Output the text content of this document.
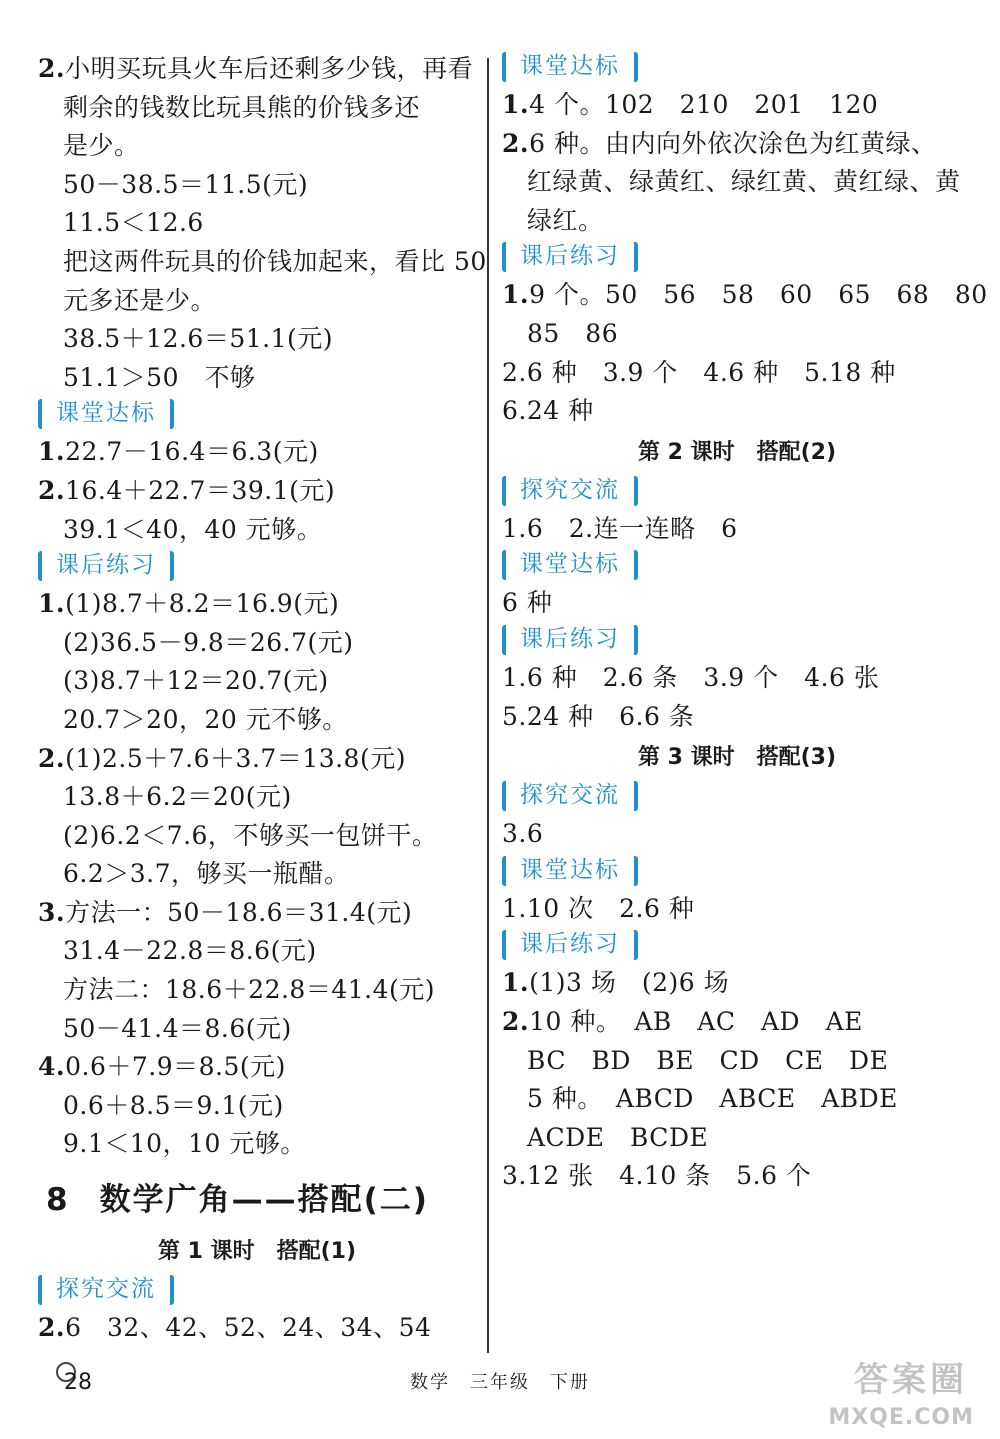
2.小明买玩具火车后还剩多少钱，再看
剩余的钱数比玩具熊的价钱多还
是少。
50－38.5＝11.5(元)
11.5＜12.6
把这两件玩具的价钱加起来，看比 50
元多还是少。
38.5＋12.6＝51.1(元)
51.1＞50　不够
课堂达标
1.22.7－16.4＝6.3(元)
2.16.4＋22.7＝39.1(元)
39.1＜40，40 元够。
课后练习
1.(1)8.7＋8.2＝16.9(元)
(2)36.5－9.8＝26.7(元)
(3)8.7＋12＝20.7(元)
20.7＞20，20 元不够。
2.(1)2.5＋7.6＋3.7＝13.8(元)
13.8＋6.2＝20(元)
(2)6.2＜7.6，不够买一包饼干。
6.2＞3.7，够买一瓶醋。
3.方法一：50－18.6＝31.4(元)
31.4－22.8＝8.6(元)
方法二：18.6＋22.8＝41.4(元)
50－41.4＝8.6(元)
4.0.6＋7.9＝8.5(元)
0.6＋8.5＝9.1(元)
9.1＜10，10 元够。
8 数学广角——搭配(二)
第 1 课时　搭配(1)
探究交流
2.6　32、42、52、24、34、54
课堂达标
1.4 个。102　210　201　120
2.6 种。由内向外依次涂色为红黄绿、
红绿黄、绿黄红、绿红黄、黄红绿、黄
绿红。
课后练习
1.9 个。50　56　58　60　65　68　80
85　86
2.6 种　3.9 个　4.6 种　5.18 种
6.24 种
第 2 课时　搭配(2)
探究交流
1.6　2.连一连略　6
课堂达标
6 种
课后练习
1.6 种　2.6 条　3.9 个　4.6 张
5.24 种　6.6 条
第 3 课时　搭配(3)
探究交流
3.6
课堂达标
1.10 次　2.6 种
课后练习
1.(1)3 场　(2)6 场
2.10 种。　AB　AC　AD　AE
BC　BD　BE　CD　CE　DE
5 种。　ABCD　ABCE　ABDE
ACDE　BCDE
3.12 张　4.10 条　5.6 个
28	数学　三年级　下册	答案圈
MXQE.COM
